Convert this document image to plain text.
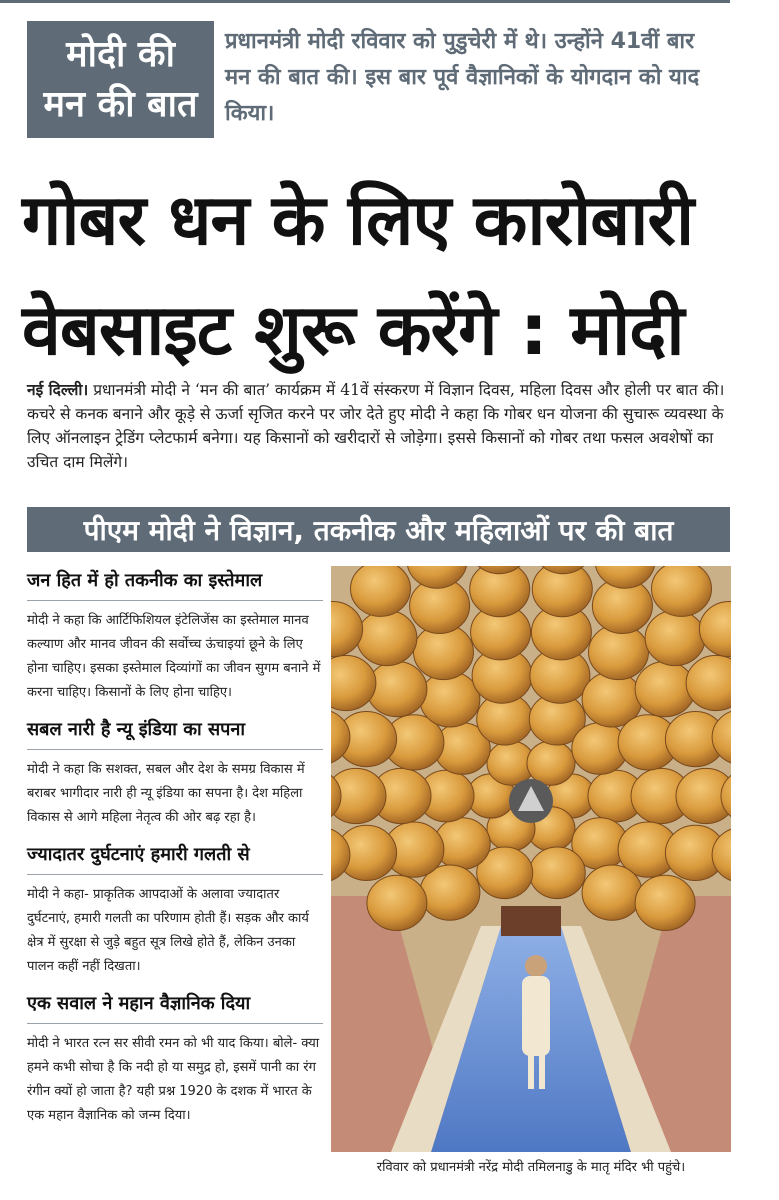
मोदी की
मन की बात
प्रधानमंत्री मोदी रविवार को पुडुचेरी में थे। उन्होंने 41वीं बार मन की बात की। इस बार पूर्व वैज्ञानिकों के योगदान को याद किया।
गोबर धन के लिए कारोबारी
वेबसाइट शुरू करेंगे : मोदी
नई दिल्ली। प्रधानमंत्री मोदी ने ‘मन की बात’ कार्यक्रम में 41वें संस्करण में विज्ञान दिवस, महिला दिवस और होली पर बात की। कचरे से कनक बनाने और कूड़े से ऊर्जा सृजित करने पर जोर देते हुए मोदी ने कहा कि गोबर धन योजना की सुचारू व्यवस्था के लिए ऑनलाइन ट्रेडिंग प्लेटफार्म बनेगा। यह किसानों को खरीदारों से जोड़ेगा। इससे किसानों को गोबर तथा फसल अवशेषों का उचित दाम मिलेंगे।
पीएम मोदी ने विज्ञान, तकनीक और महिलाओं पर की बात
जन हित में हो तकनीक का इस्तेमाल
मोदी ने कहा कि आर्टिफिशियल इंटेलिजेंस का इस्तेमाल मानव कल्याण और मानव जीवन की सर्वोच्च ऊंचाइयां छूने के लिए होना चाहिए। इसका इस्तेमाल दिव्यांगों का जीवन सुगम बनाने में करना चाहिए। किसानों के लिए होना चाहिए।
सबल नारी है न्यू इंडिया का सपना
मोदी ने कहा कि सशक्त, सबल और देश के समग्र विकास में बराबर भागीदार नारी ही न्यू इंडिया का सपना है। देश महिला विकास से आगे महिला नेतृत्व की ओर बढ़ रहा है।
ज्यादातर दुर्घटनाएं हमारी गलती से
मोदी ने कहा- प्राकृतिक आपदाओं के अलावा ज्यादातर दुर्घटनाएं, हमारी गलती का परिणाम होती हैं। सड़क और कार्य क्षेत्र में सुरक्षा से जुड़े बहुत सूत्र लिखे होते हैं, लेकिन उनका पालन कहीं नहीं दिखता।
एक सवाल ने महान वैज्ञानिक दिया
मोदी ने भारत रत्न सर सीवी रमन को भी याद किया। बोले- क्या हमने कभी सोचा है कि नदी हो या समुद्र हो, इसमें पानी का रंग रंगीन क्यों हो जाता है? यही प्रश्न 1920 के दशक में भारत के एक महान वैज्ञानिक को जन्म दिया।
रविवार को प्रधानमंत्री नरेंद्र मोदी तमिलनाडु के मातृ मंदिर भी पहुंचे।
